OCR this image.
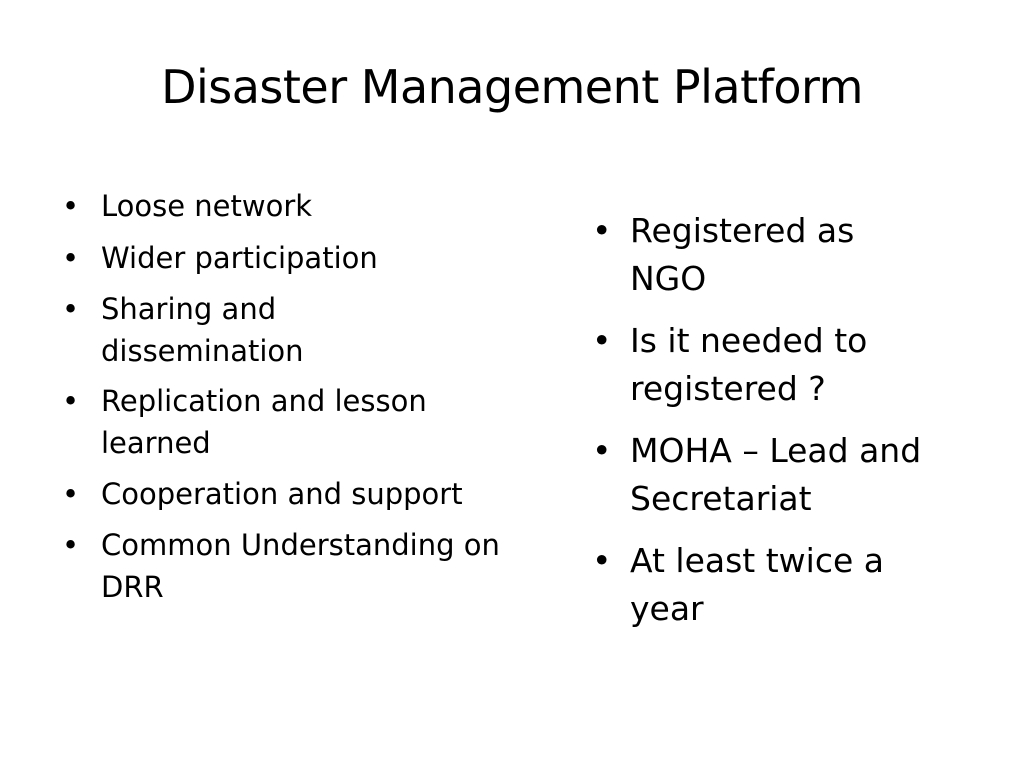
Disaster Management Platform
• Loose network
• Wider participation
• Sharing and dissemination
• Replication and lesson learned
• Cooperation and support
• Common Understanding on DRR
• Registered as NGO
• Is it needed to registered ?
• MOHA – Lead and Secretariat
• At least twice a year
